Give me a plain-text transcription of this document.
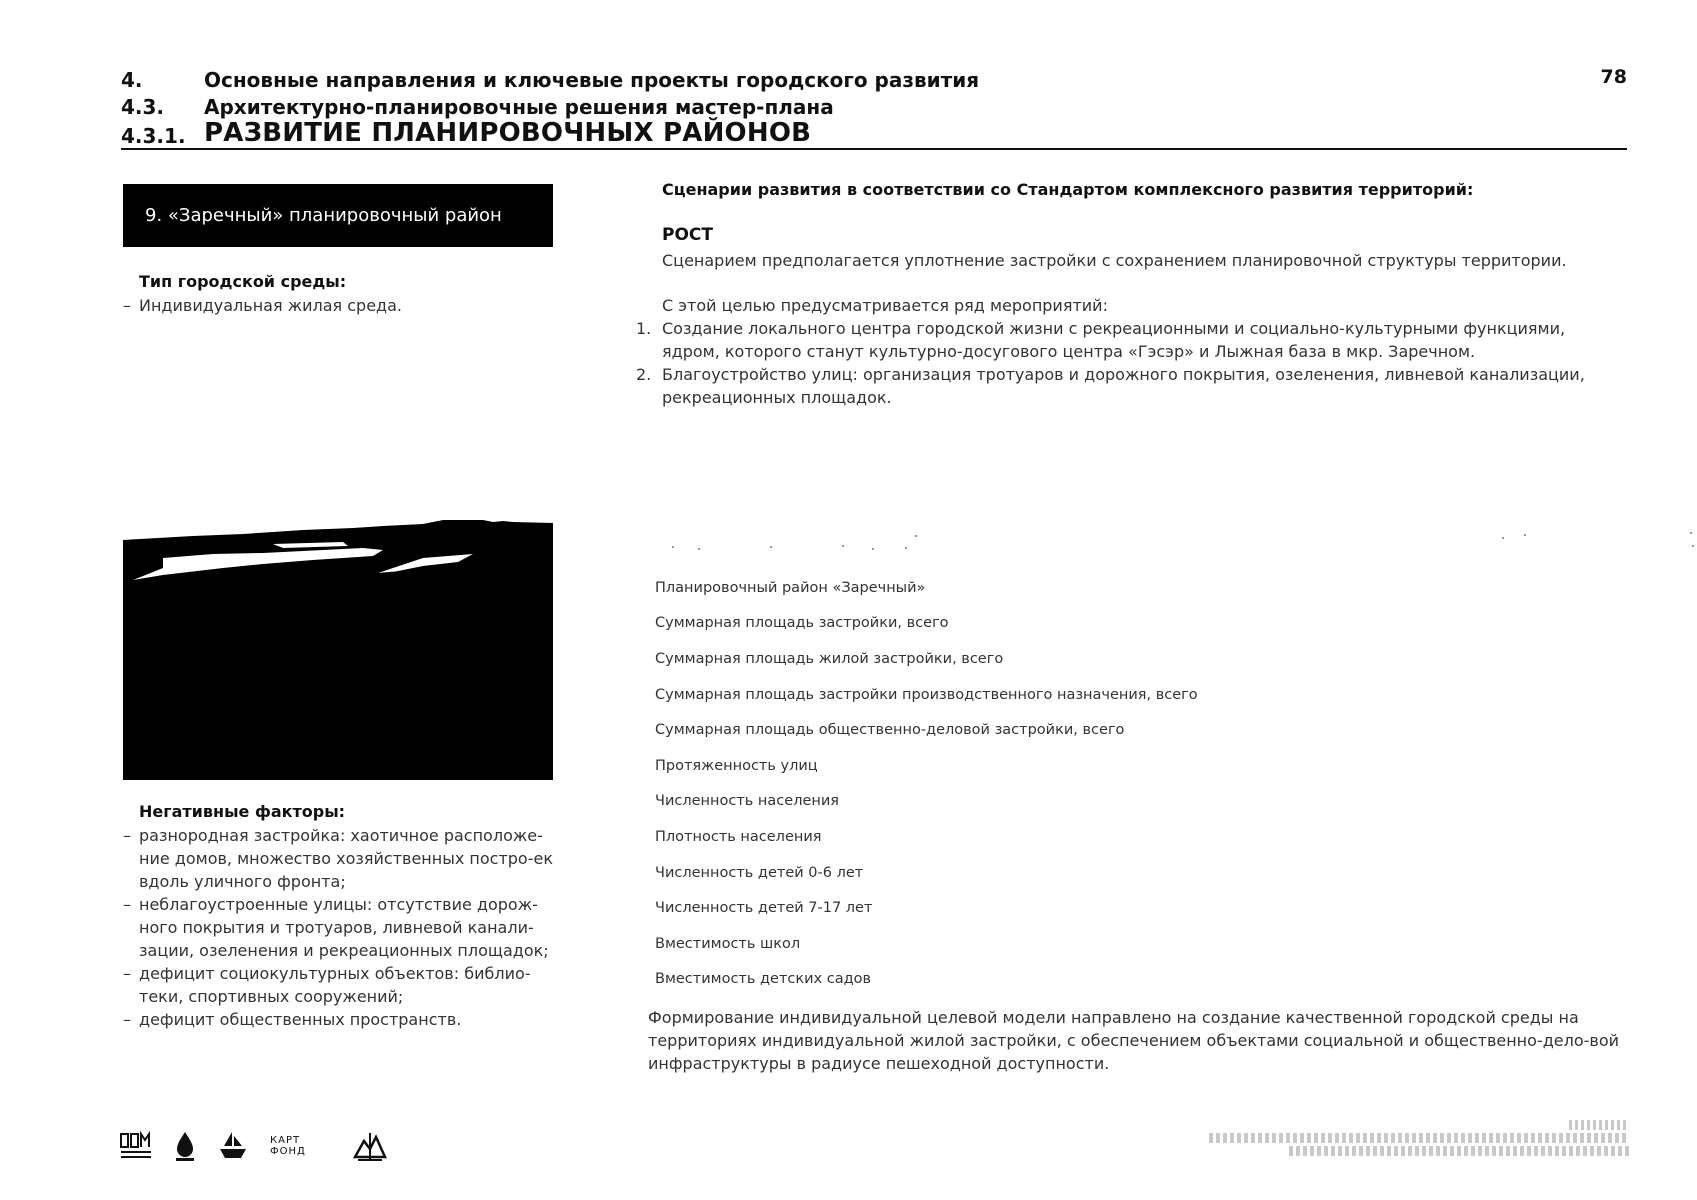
4.	Основные направления и ключевые проекты городского развития
4.3. Архитектурно-планировочные решения мастер-плана
4.3.1. РАЗВИТИЕ ПЛАНИРОВОЧНЫХ РАЙОНОВ
78
9. «Заречный» планировочный район
Тип городской среды:
– Индивидуальная жилая среда.
Негативные факторы:
– разнородная застройка: хаотичное расположе-ние домов, множество хозяйственных постро-ек вдоль уличного фронта;
– неблагоустроенные улицы: отсутствие дорож-ного покрытия и тротуаров, ливневой канали-зации, озеленения и рекреационных площадок;
– дефицит социокультурных объектов: библио-теки, спортивных сооружений;
– дефицит общественных пространств.
Сценарии развития в соответствии со Стандартом комплексного развития территорий:
РОСТ
Сценарием предполагается уплотнение застройки с сохранением планировочной структуры территории.
С этой целью предусматривается ряд мероприятий:
1. Создание локального центра городской жизни с рекреационными и социально-культурными функциями, ядром, которого станут культурно-досугового центра «Гэсэр» и Лыжная база в мкр. Заречном.
2. Благоустройство улиц: организация тротуаров и дорожного покрытия, озеленения, ливневой канализации, рекреационных площадок.
Планировочный район «Заречный»
Суммарная площадь застройки, всего
Суммарная площадь жилой застройки, всего
Суммарная площадь застройки производственного назначения, всего
Суммарная площадь общественно-деловой застройки, всего
Протяженность улиц
Численность населения
Плотность населения
Численность детей 0-6 лет
Численность детей 7-17 лет
Вместимость школ
Вместимость детских садов
Формирование индивидуальной целевой модели направлено на создание качественной городской среды на территориях индивидуальной жилой застройки, с обеспечением объектами социальной и общественно-дело-вой инфраструктуры в радиусе пешеходной доступности.
КАРТ ФОНД
